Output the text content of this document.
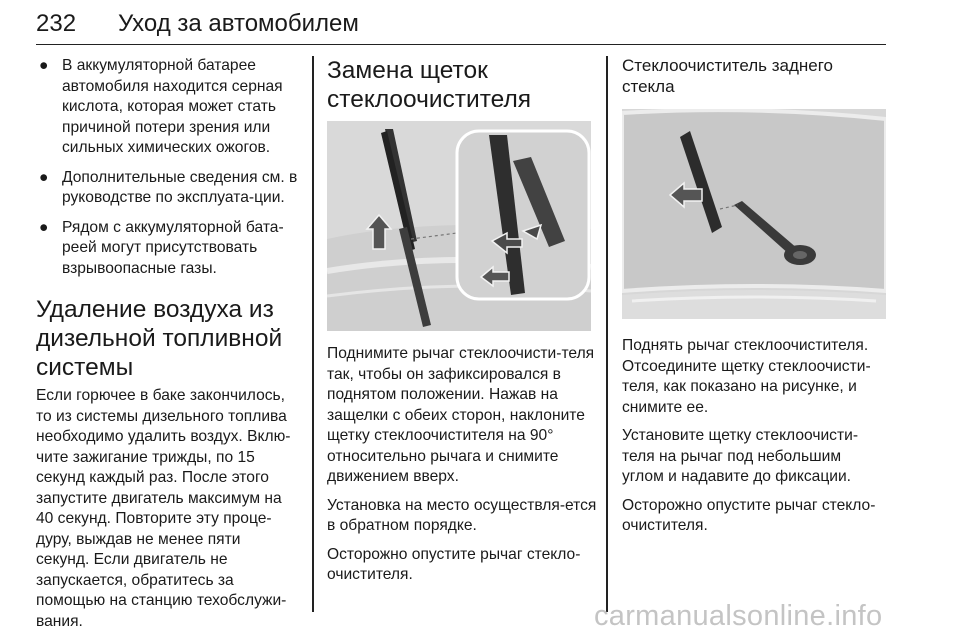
232 Уход за автомобилем
● В аккумуляторной батарее автомобиля находится серная кислота, которая может стать причиной потери зрения или сильных химических ожогов.
● Дополнительные сведения см. в руководстве по эксплуата-ции.
● Рядом с аккумуляторной бата-реей могут присутствовать взрывоопасные газы.
Удаление воздуха из дизельной топливной системы

Если горючее в баке закончилось, то из системы дизельного топлива необходимо удалить воздух. Вклю-чите зажигание трижды, по 15 секунд каждый раз. После этого запустите двигатель максимум на 40 секунд. Повторите эту проце-дуру, выждав не менее пяти секунд. Если двигатель не запускается, обратитесь за помощью на станцию техобслужи-вания.

Замена щеток стеклоочистителя

Поднимите рычаг стеклоочисти-теля так, чтобы он зафиксировался в поднятом положении. Нажав на защелки с обеих сторон, наклоните щетку стеклоочистителя на 90° относительно рычага и снимите движением вверх.

Установка на место осуществля-ется в обратном порядке.

Осторожно опустите рычаг стекло-очистителя.

Стеклоочиститель заднего стекла

Поднять рычаг стеклоочистителя. Отсоедините щетку стеклоочисти-теля, как показано на рисунке, и снимите ее.

Установите щетку стеклоочисти-теля на рычаг под небольшим углом и надавите до фиксации.

Осторожно опустите рычаг стекло-очистителя.

carmanualsonline.info
